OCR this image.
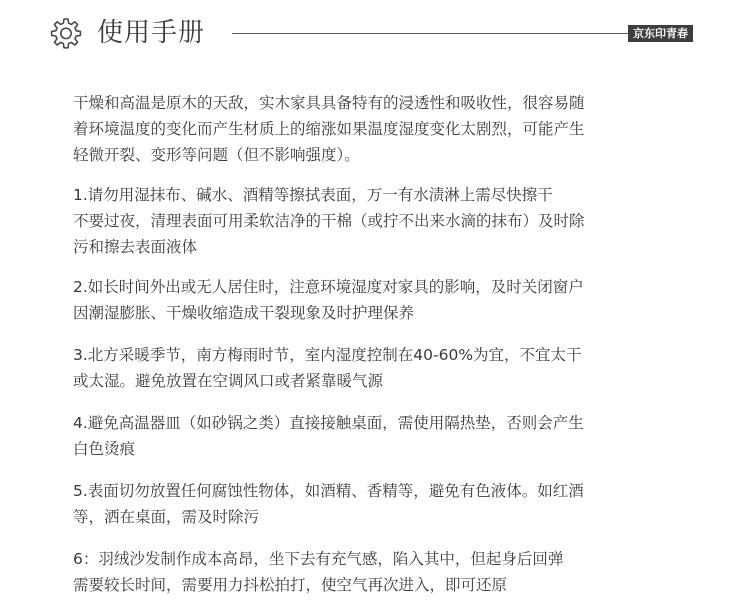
使用手册	京东印青春
干燥和高温是原木的天敌，实木家具具备特有的浸透性和吸收性，很容易随
着环境温度的变化而产生材质上的缩涨如果温度湿度变化太剧烈，可能产生
轻微开裂、变形等问题（但不影响强度）。
1.请勿用湿抹布、碱水、酒精等擦拭表面，万一有水渍淋上需尽快擦干
不要过夜，清理表面可用柔软洁净的干棉（或拧不出来水滴的抹布）及时除
污和擦去表面液体
2.如长时间外出或无人居住时，注意环境湿度对家具的影响，及时关闭窗户
因潮湿膨胀、干燥收缩造成干裂现象及时护理保养
3.北方采暖季节，南方梅雨时节，室内湿度控制在40-60%为宜，不宜太干
或太湿。避免放置在空调风口或者紧靠暖气源
4.避免高温器皿（如砂锅之类）直接接触桌面，需使用隔热垫，否则会产生
白色烫痕
5.表面切勿放置任何腐蚀性物体，如酒精、香精等，避免有色液体。如红酒
等，洒在桌面，需及时除污
6：羽绒沙发制作成本高昂，坐下去有充气感，陷入其中，但起身后回弹
需要较长时间，需要用力抖松拍打，使空气再次进入，即可还原
